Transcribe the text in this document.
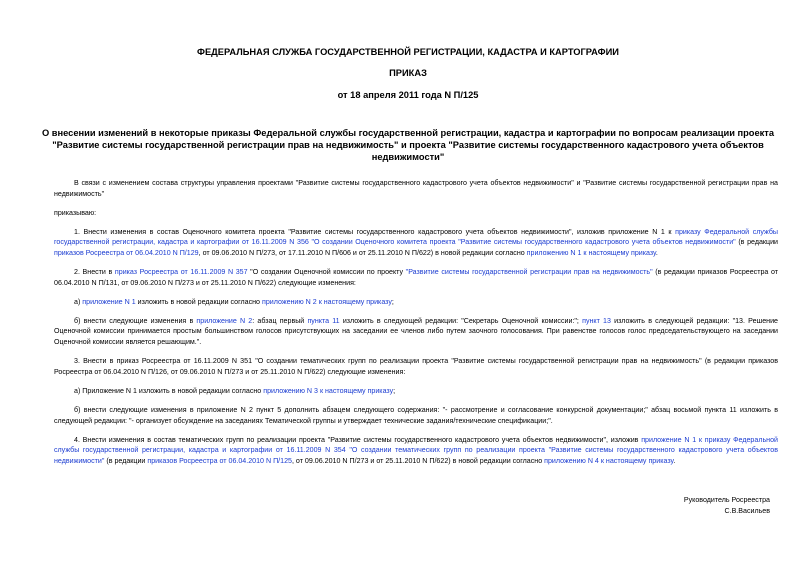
ФЕДЕРАЛЬНАЯ СЛУЖБА ГОСУДАРСТВЕННОЙ РЕГИСТРАЦИИ, КАДАСТРА И КАРТОГРАФИИ
ПРИКАЗ
от 18 апреля 2011 года N П/125
О внесении изменений в некоторые приказы Федеральной службы государственной регистрации, кадастра и картографии по вопросам реализации проекта "Развитие системы государственной регистрации прав на недвижимость" и проекта "Развитие системы государственного кадастрового учета объектов недвижимости"

В связи с изменением состава структуры управления проектами "Развитие системы государственного кадастрового учета объектов недвижимости" и "Развитие системы государственной регистрации прав на недвижимость"

приказываю:

1. Внести изменения в состав Оценочного комитета проекта "Развитие системы государственного кадастрового учета объектов недвижимости", изложив приложение N 1 к приказу Федеральной службы государственной регистрации, кадастра и картографии от 16.11.2009 N 356 "О создании Оценочного комитета проекта "Развитие системы государственного кадастрового учета объектов недвижимости" (в редакции приказов Росреестра от 06.04.2010 N П/129, от 09.06.2010 N П/273, от 17.11.2010 N П/606 и от 25.11.2010 N П/622) в новой редакции согласно приложению N 1 к настоящему приказу.

2. Внести в приказ Росреестра от 16.11.2009 N 357 "О создании Оценочной комиссии по проекту "Развитие системы государственной регистрации прав на недвижимость" (в редакции приказов Росреестра от 06.04.2010 N П/131, от 09.06.2010 N П/273 и от 25.11.2010 N П/622) следующие изменения:

а) приложение N 1 изложить в новой редакции согласно приложению N 2 к настоящему приказу;

б) внести следующие изменения в приложение N 2: абзац первый пункта 11 изложить в следующей редакции: "Секретарь Оценочной комиссии:"; пункт 13 изложить в следующей редакции: "13. Решение Оценочной комиссии принимается простым большинством голосов присутствующих на заседании ее членов либо путем заочного голосования. При равенстве голосов голос председательствующего на заседании Оценочной комиссии является решающим.".

3. Внести в приказ Росреестра от 16.11.2009 N 351 "О создании тематических групп по реализации проекта "Развитие системы государственной регистрации прав на недвижимость" (в редакции приказов Росреестра от 06.04.2010 N П/126, от 09.06.2010 N П/273 и от 25.11.2010 N П/622) следующие изменения:

а) Приложение N 1 изложить в новой редакции согласно приложению N 3 к настоящему приказу;

б) внести следующие изменения в приложение N 2 пункт 5 дополнить абзацем следующего содержания: "- рассмотрение и согласование конкурсной документации;" абзац восьмой пункта 11 изложить в следующей редакции: "- организует обсуждение на заседаниях Тематической группы и утверждает технические задания/технические спецификации;".

4. Внести изменения в состав тематических групп по реализации проекта "Развитие системы государственного кадастрового учета объектов недвижимости", изложив приложение N 1 к приказу Федеральной службы государственной регистрации, кадастра и картографии от 16.11.2009 N 354 "О создании тематических групп по реализации проекта "Развитие системы государственного кадастрового учета объектов недвижимости" (в редакции приказов Росреестра от 06.04.2010 N П/125, от 09.06.2010 N П/273 и от 25.11.2010 N П/622) в новой редакции согласно приложению N 4 к настоящему приказу.

Руководитель Росреестра
С.В.Васильев
